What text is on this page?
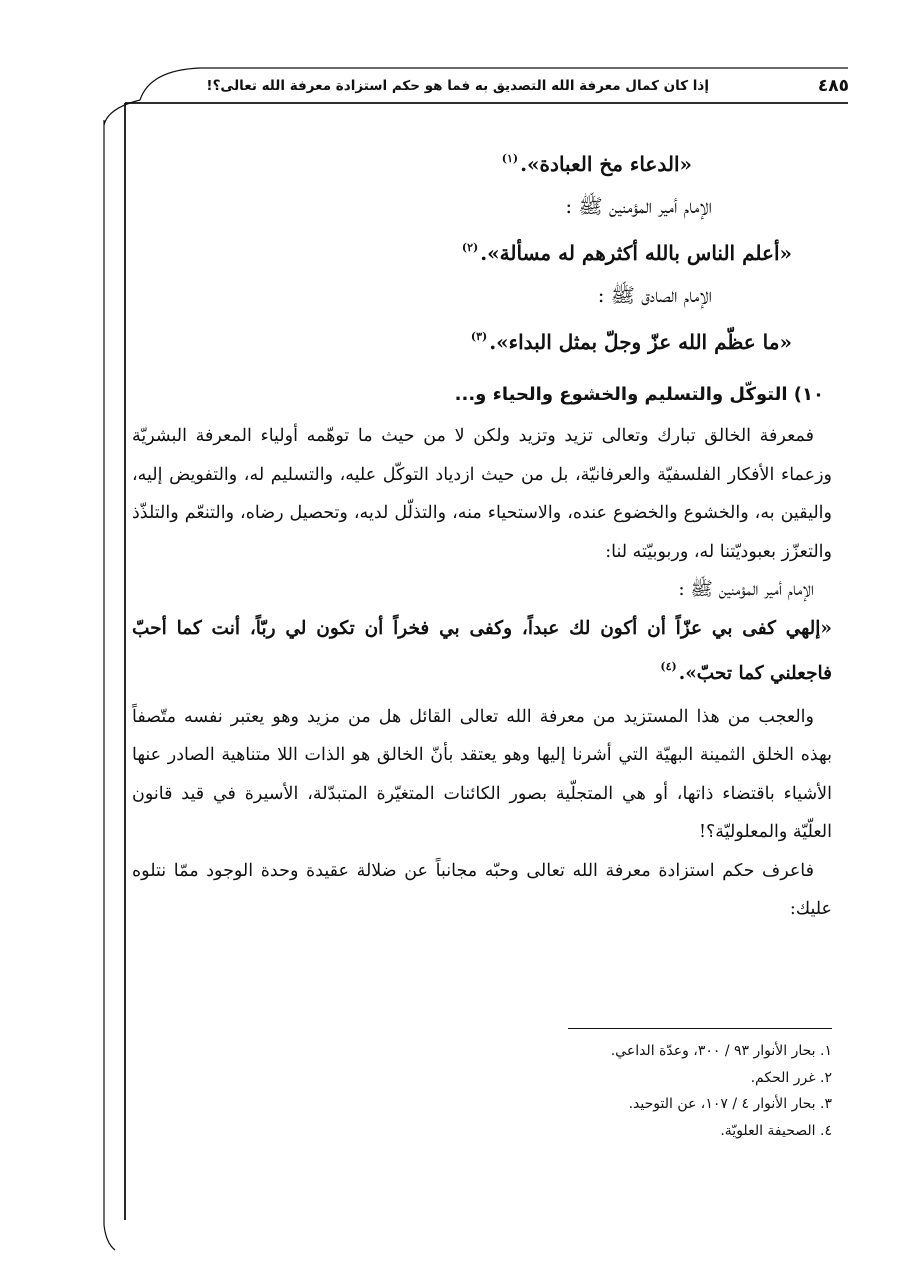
٤٨٥
إذا كان كمال معرفة الله التصديق به فما هو حكم استزادة معرفة الله تعالى؟!

«الدعاء مخ العبادة».$^{(١)}$

الإمام أمير المؤمنين ﷺ :

«أعلم الناس بالله أكثرهم له مسألة».$^{(٢)}$

الإمام الصادق ﷺ :

«ما عظّم الله عزّ وجلّ بمثل البداء».$^{(٣)}$

١٠) التوكّل والتسليم والخشوع والحياء و...

فمعرفة الخالق تبارك وتعالى تزيد وتزيد ولكن لا من حيث ما توهّمه أولياء المعرفة البشريّة وزعماء الأفكار الفلسفيّة والعرفانيّة، بل من حيث ازدياد التوكّل عليه، والتسليم له، والتفويض إليه، واليقين به، والخشوع والخضوع عنده، والاستحياء منه، والتذلّل لديه، وتحصيل رضاه، والتنعّم والتلذّذ والتعزّز بعبوديّتنا له، وربوبيّته لنا:

الإمام أمير المؤمنين ﷺ :

«إلهي كفى بي عزّاً أن أكون لك عبداً، وكفى بي فخراً أن تكون لي ربّاً، أنت كما أحبّ فاجعلني كما تحبّ».$^{(٤)}$

والعجب من هذا المستزيد من معرفة الله تعالى القائل هل من مزيد وهو يعتبر نفسه متّصفاً بهذه الخلق الثمينة البهيّة التي أشرنا إليها وهو يعتقد بأنّ الخالق هو الذات اللا متناهية الصادر عنها الأشياء باقتضاء ذاتها، أو هي المتجلّية بصور الكائنات المتغيّرة المتبدّلة، الأسيرة في قيد قانون العلّيّة والمعلوليّة؟!

فاعرف حكم استزادة معرفة الله تعالى وحبّه مجانباً عن ضلالة عقيدة وحدة الوجود ممّا نتلوه عليك:

١. بحار الأنوار ٩٣ / ٣٠٠، وعدّة الداعي.

٢. غرر الحكم.

٣. بحار الأنوار ٤ / ١٠٧، عن التوحيد.

٤. الصحيفة العلويّة.
